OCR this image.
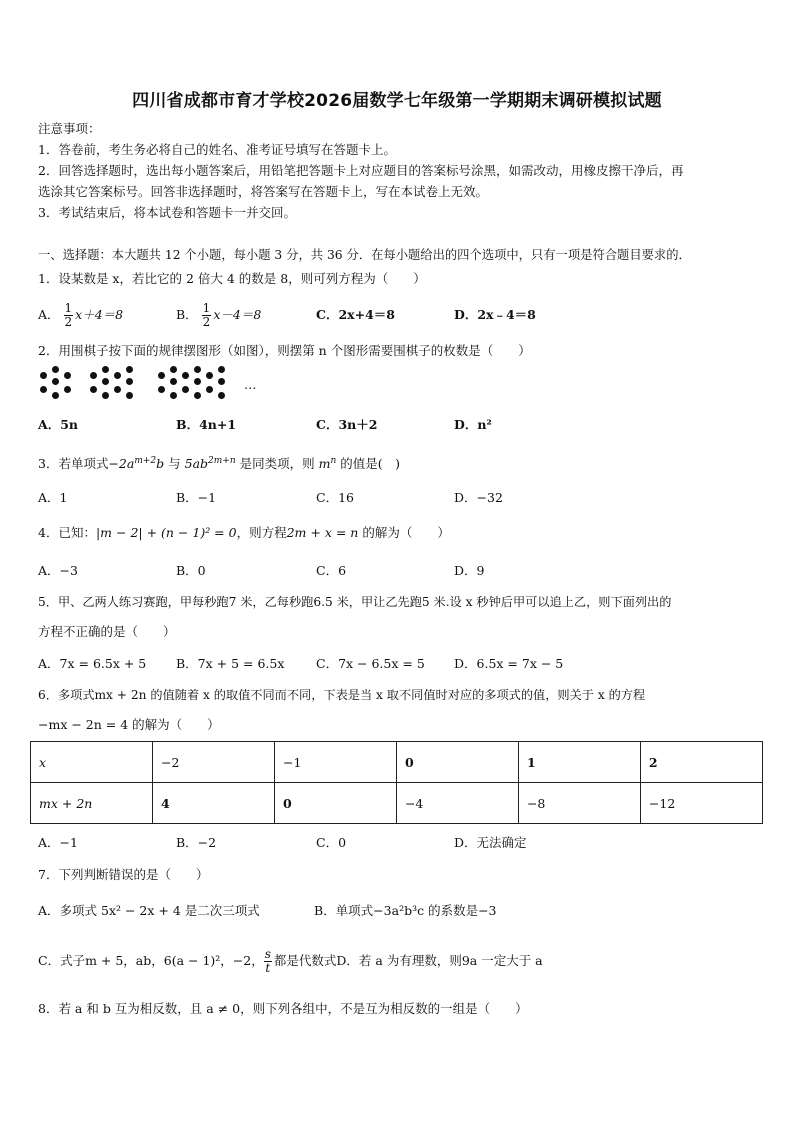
四川省成都市育才学校2026届数学七年级第一学期期末调研模拟试题
注意事项：
1．答卷前，考生务必将自己的姓名、准考证号填写在答题卡上。
2．回答选择题时，选出每小题答案后，用铅笔把答题卡上对应题目的答案标号涂黑，如需改动，用橡皮擦干净后，再
选涂其它答案标号。回答非选择题时，将答案写在答题卡上，写在本试卷上无效。
3．考试结束后，将本试卷和答题卡一并交回。
一、选择题：本大题共 12 个小题，每小题 3 分，共 36 分．在每小题给出的四个选项中，只有一项是符合题目要求的．
1．设某数是 x，若比它的 2 倍大 4 的数是 8，则可列方程为（　　）
A． $\frac{1}{2} x+4=8$	B． $\frac{1}{2} x-4=8$	C．2x+4＝8	D．2x﹣4＝8
2．用围棋子按下面的规律摆图形（如图），则摆第 n 个图形需要围棋子的枚数是（　　）
…
A．5n	B．4n+1	C．3n＋2	D．n²
3．若单项式$-2a^{m+2}b$ 与 $5ab^{2m+n}$ 是同类项，则 $m^n$ 的值是(　)
A．1	B．−1	C．16	D．−32
4．已知：|m − 2| + (n − 1)² = 0，则方程2m + x = n 的解为（　　）
A．−3	B．0	C．6	D．9
5．甲、乙两人练习赛跑，甲每秒跑7 米，乙每秒跑6.5 米，甲让乙先跑5 米.设 x 秒钟后甲可以追上乙，则下面列出的
方程不正确的是（　　）
A．7x = 6.5x + 5 B．7x + 5 = 6.5x	C．7x − 6.5x = 5 D．6.5x = 7x − 5
6．多项式mx + 2n 的值随着 x 的取值不同而不同，下表是当 x 取不同值时对应的多项式的值，则关于 x 的方程
−mx − 2n = 4 的解为（　　）
x	−2	−1	0	1	2
mx + 2n	4	0	−4	−8	−12
A．−1	B．−2	C．0	D．无法确定
7．下列判断错误的是（　　）
A．多项式 5x² − 2x + 4 是二次三项式	B．单项式−3a²b³c 的系数是−3
C．式子m + 5，ab，6(a − 1)²，−2， $\frac{s}{t}$ 都是代数式D．若 a 为有理数，则9a 一定大于 a
8．若 a 和 b 互为相反数，且 a ≠ 0，则下列各组中，不是互为相反数的一组是（　　）
